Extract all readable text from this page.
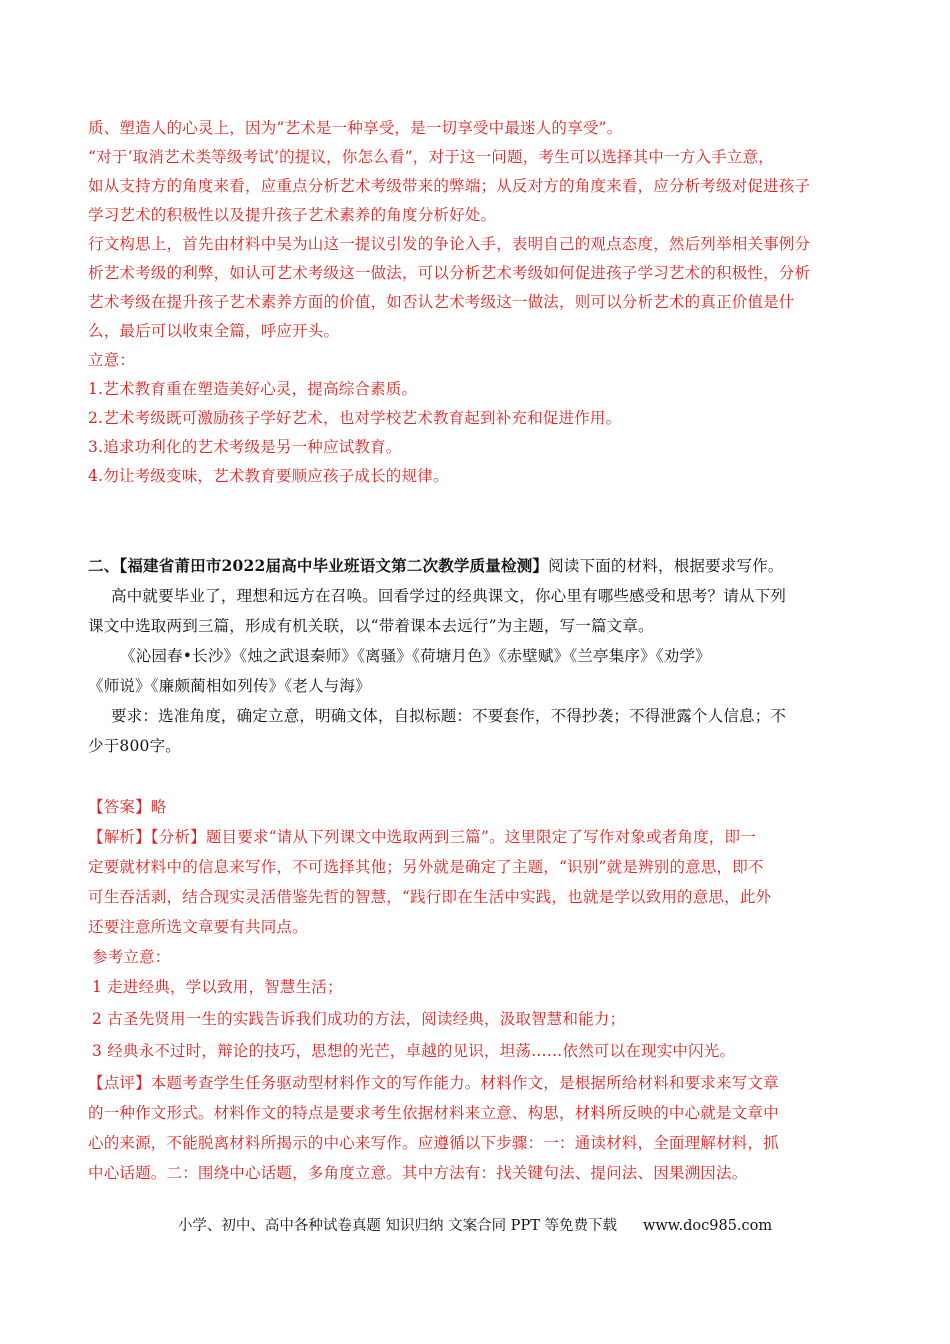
质、塑造人的心灵上，因为“艺术是一种享受，是一切享受中最迷人的享受”。
“对于‘取消艺术类等级考试’的提议，你怎么看”，对于这一问题，考生可以选择其中一方入手立意，
如从支持方的角度来看，应重点分析艺术考级带来的弊端；从反对方的角度来看，应分析考级对促进孩子
学习艺术的积极性以及提升孩子艺术素养的角度分析好处。
行文构思上，首先由材料中吴为山这一提议引发的争论入手，表明自己的观点态度，然后列举相关事例分
析艺术考级的利弊，如认可艺术考级这一做法，可以分析艺术考级如何促进孩子学习艺术的积极性，分析
艺术考级在提升孩子艺术素养方面的价值，如否认艺术考级这一做法，则可以分析艺术的真正价值是什
么，最后可以收束全篇，呼应开头。
立意：
1.艺术教育重在塑造美好心灵，提高综合素质。
2.艺术考级既可激励孩子学好艺术，也对学校艺术教育起到补充和促进作用。
3.追求功利化的艺术考级是另一种应试教育。
4.勿让考级变味，艺术教育要顺应孩子成长的规律。
二、【福建省莆田市2022届高中毕业班语文第二次教学质量检测】阅读下面的材料，根据要求写作。
高中就要毕业了，理想和远方在召唤。回看学过的经典课文，你心里有哪些感受和思考？请从下列
课文中选取两到三篇，形成有机关联，以“带着课本去远行”为主题，写一篇文章。
《沁园春•长沙》《烛之武退秦师》《离骚》《荷塘月色》《赤壁赋》《兰亭集序》《劝学》
《师说》《廉颇蔺相如列传》《老人与海》
要求：选准角度，确定立意，明确文体，自拟标题：不要套作，不得抄袭；不得泄露个人信息；不
少于800字。
【答案】略
【解析】【分析】题目要求“请从下列课文中选取两到三篇”。这里限定了写作对象或者角度，即一
定要就材料中的信息来写作，不可选择其他；另外就是确定了主题，“识别”就是辨别的意思，即不
可生吞活剥，结合现实灵活借鉴先哲的智慧，“践行即在生活中实践，也就是学以致用的意思，此外
还要注意所选文章要有共同点。
参考立意：
1 走进经典，学以致用，智慧生活；
2 古圣先贤用一生的实践告诉我们成功的方法，阅读经典，汲取智慧和能力；
3 经典永不过时，辩论的技巧，思想的光芒，卓越的见识，坦荡……依然可以在现实中闪光。
【点评】本题考查学生任务驱动型材料作文的写作能力。材料作文，是根据所给材料和要求来写文章
的一种作文形式。材料作文的特点是要求考生依据材料来立意、构思，材料所反映的中心就是文章中
心的来源，不能脱离材料所揭示的中心来写作。应遵循以下步骤：一：通读材料，全面理解材料，抓
中心话题。二：围绕中心话题，多角度立意。其中方法有：找关键句法、提问法、因果溯因法。
小学、初中、高中各种试卷真题 知识归纳 文案合同 PPT 等免费下载 www.doc985.com
